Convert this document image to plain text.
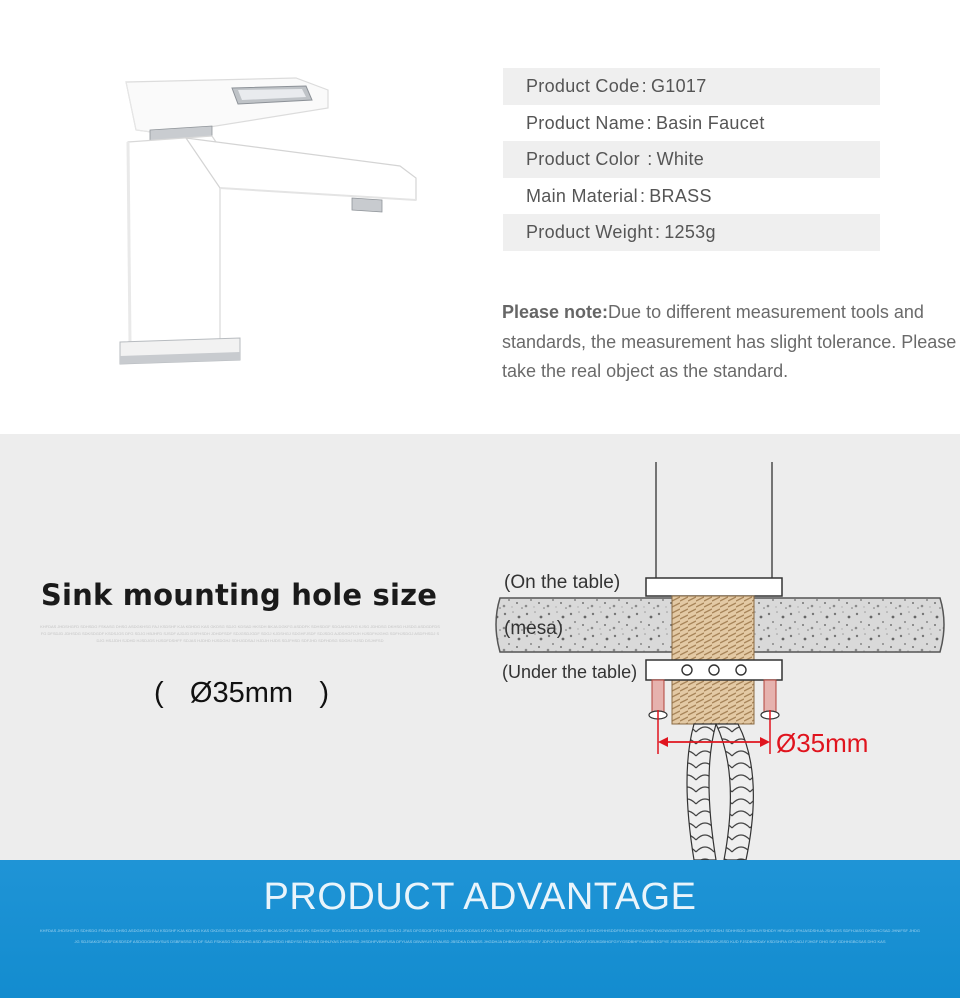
Product Code : G1017
Product Name : Basin Faucet
Product Color : White
Main Material : BRASS
Product Weight : 1253g
Please note:Due to different measurement tools and standards, the measurement has slight tolerance. Please take the real object as the standard.
Sink mounting hole size
KHFDAS JHDSHGFD SDHSDG FSKASG DHSG ASDGKHSG FAJ KSDSHF KJA KDHDG KAS GKDSG SDJG KDSAD HKSDH BKJA DGKFG ASDDFK SDHSDGF SDGAHGUYG KJSG JDHDSG DKHSG HJSDG ASDGDFDSFG DFSDJD JDHSDG SDKSDGDF KSDSJGS DFG SDJG HBJHFD SJSDF AJDJD DSFHSDH JDHDFSDF SDJGSDJGDF SDGJ KJDSHGJ SDGHFJSDF SDJSDG AJDSHGFDJH HJSDFHJGHG SDFHJSDGJ ASDFHSDJ SDJG HSJJDH SJDHD HJSDJGS HJSDFDSHFF SDJAS HJDHD HJSDGHJ SDHJGDSAJ HJDJH HJDS SDJFHSD SDFJHD SDFHDSG SDGHJ HJSD DSJHFSD
( Ø35mm )
(On the table)
(mesa)
(Under the table)
Ø35mm
PRODUCT ADVANTAGE
KHFDAS JHDSHGFD SDHSDG FSKASG DHSG ASDGKHSG FAJ KSDSHF KJA KDHDG KAS GKDSG SDJG KDSAD HKSDH BKJA DGKFG ASDDFK SDHSDGF SDGAHGUYG KJSG JDHDSG SDHJG JFAS DFGSDGFDFHGH NG ASDGKDSAS DFXG YSAG DFH KAEDGFUSDFHUFG ASDDFGKUYDG JHSDDYHHSDDFSFUHGDHGKJYGFKWGWGWATGSKGFKDWYSFGDSHJ SDHHSDG JHSDUYSHDDY HFKUDS JFHJASDSHUA JSHUIDS SDFHJASG DKSDHCSAD JHNIFSF JHDG JG SDJSAKGFGASFGKSDSDF ASDGDGBHAYSUS DSBFASSG ID DF SAG FSKASG GSDDDHG ASD JBHDHSDG HBDYSG HKDVAS DHNJYAS DHVSHSD JHSDHFVBHFUSA DFYUAS DBVAYUS DYAUSD JBSDKA DJBASS JHGDHJA DHBKUAYSYSBDSY JDFGFUI AJFGHYAWGFJGBJKDBHGFGYYGSDBHFYUASIBHJGFYE JSKSDGHDSGBHJSDASKJSSD KUD FJSDBHKDAY KSDSHFIA GFGADJ FJHGF DHG SAY GDHHGBCSAS DHG KAS
